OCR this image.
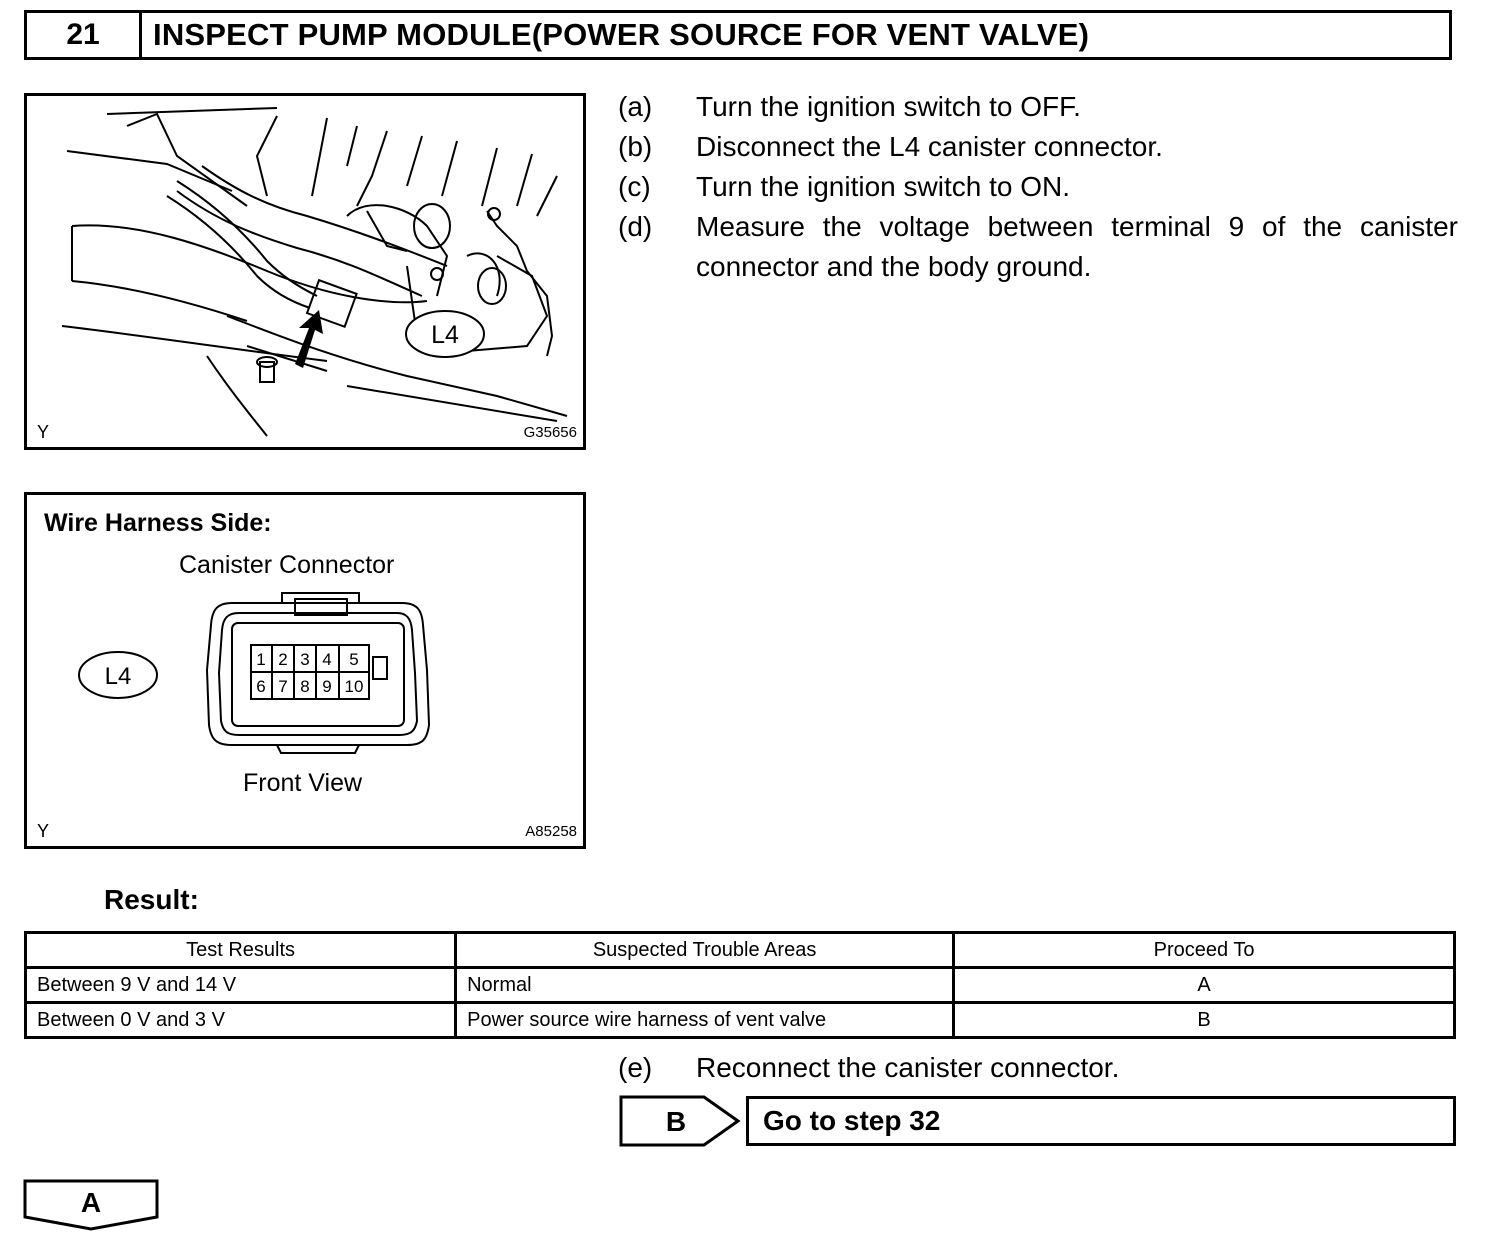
21	INSPECT PUMP MODULE(POWER SOURCE FOR VENT VALVE)
L4
Y	G35656
Wire Harness Side:
Canister Connector
L4
1 2 3 4 5
6 7 8 9 10
Front View
Y	A85258
(a)	Turn the ignition switch to OFF.
(b)	Disconnect the L4 canister connector.
(c)	Turn the ignition switch to ON.
(d)	Measure the voltage between terminal 9 of the canister connector and the body ground.
Result:
Test Results	Suspected Trouble Areas	Proceed To
Between 9 V and 14 V	Normal	A
Between 0 V and 3 V	Power source wire harness of vent valve	B
(e)	Reconnect the canister connector.
B	Go to step 32
A
